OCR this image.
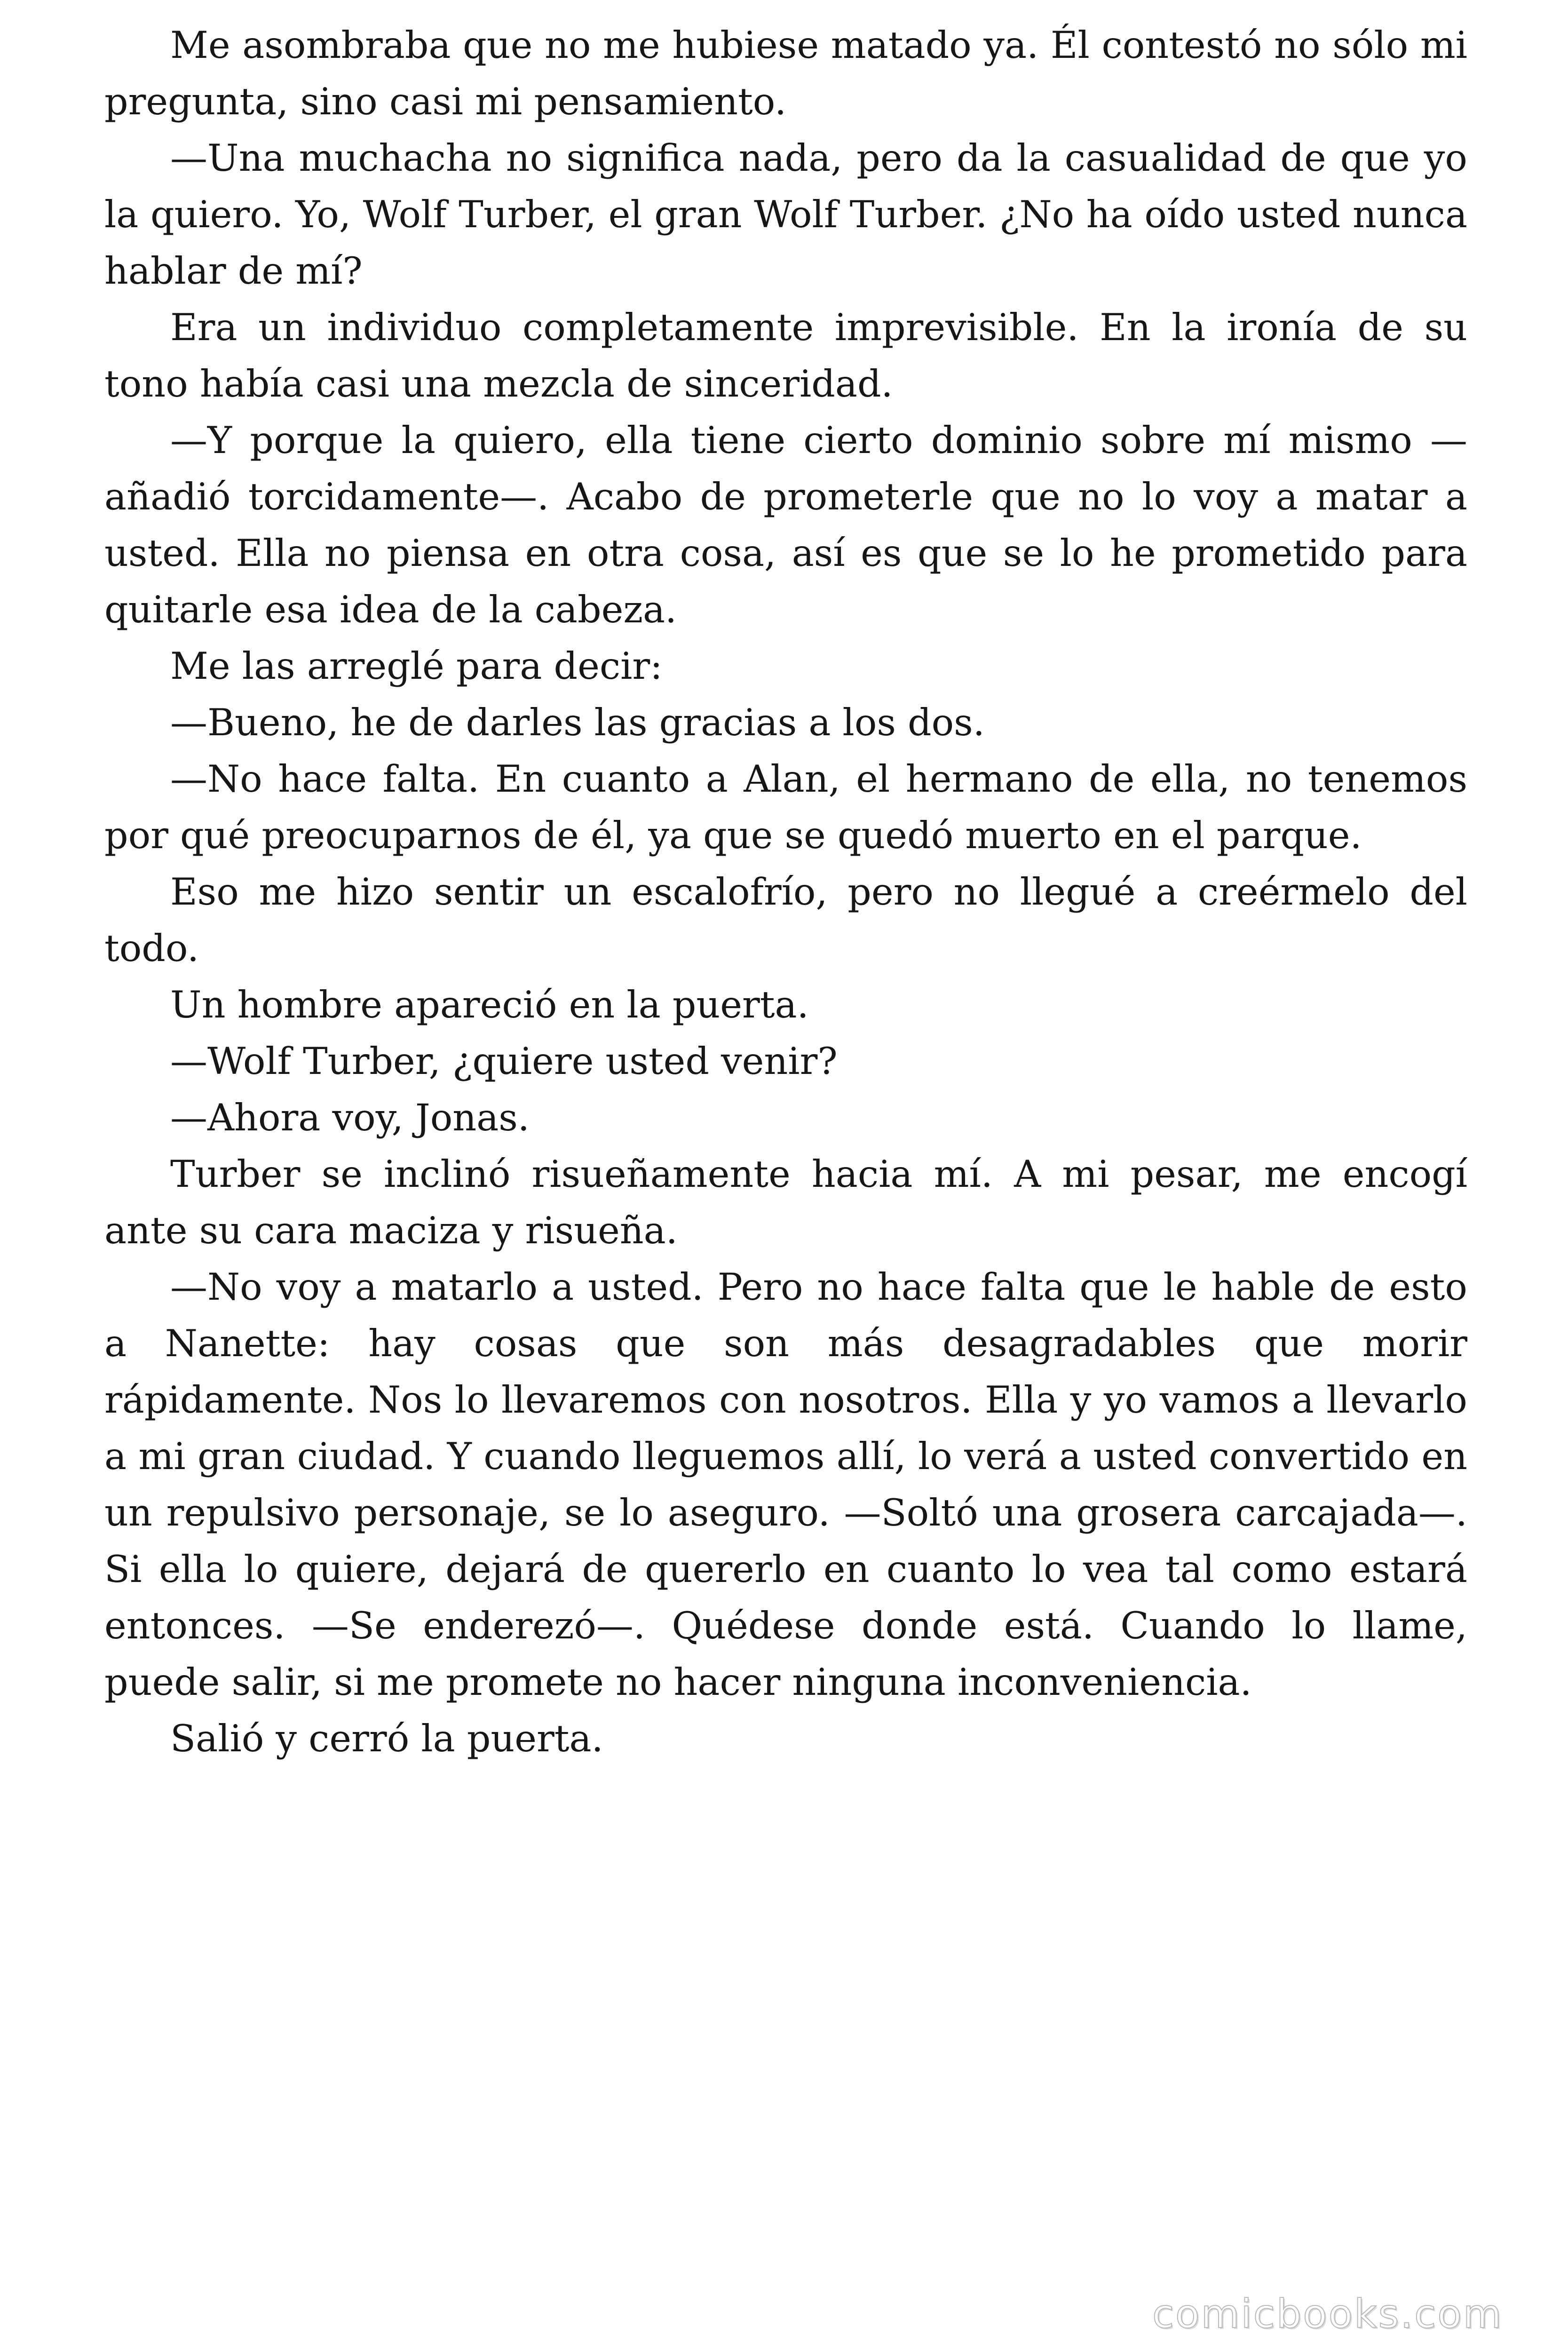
Me asombraba que no me hubiese matado ya. Él contestó no sólo mi pregunta, sino casi mi pensamiento.

—Una muchacha no significa nada, pero da la casualidad de que yo la quiero. Yo, Wolf Turber, el gran Wolf Turber. ¿No ha oído usted nunca hablar de mí?

Era un individuo completamente imprevisible. En la ironía de su tono había casi una mezcla de sinceridad.

—Y porque la quiero, ella tiene cierto dominio sobre mí mismo — añadió torcidamente—. Acabo de prometerle que no lo voy a matar a usted. Ella no piensa en otra cosa, así es que se lo he prometido para quitarle esa idea de la cabeza.

Me las arreglé para decir:

—Bueno, he de darles las gracias a los dos.

—No hace falta. En cuanto a Alan, el hermano de ella, no tenemos por qué preocuparnos de él, ya que se quedó muerto en el parque.

Eso me hizo sentir un escalofrío, pero no llegué a creérmelo del todo.

Un hombre apareció en la puerta.

—Wolf Turber, ¿quiere usted venir?

—Ahora voy, Jonas.

Turber se inclinó risueñamente hacia mí. A mi pesar, me encogí ante su cara maciza y risueña.

—No voy a matarlo a usted. Pero no hace falta que le hable de esto a Nanette: hay cosas que son más desagradables que morir rápidamente. Nos lo llevaremos con nosotros. Ella y yo vamos a llevarlo a mi gran ciudad. Y cuando lleguemos allí, lo verá a usted convertido en un repulsivo personaje, se lo aseguro. —Soltó una grosera carcajada—. Si ella lo quiere, dejará de quererlo en cuanto lo vea tal como estará entonces. —Se enderezó—. Quédese donde está. Cuando lo llame, puede salir, si me promete no hacer ninguna inconveniencia.

Salió y cerró la puerta.

comicbooks.com
